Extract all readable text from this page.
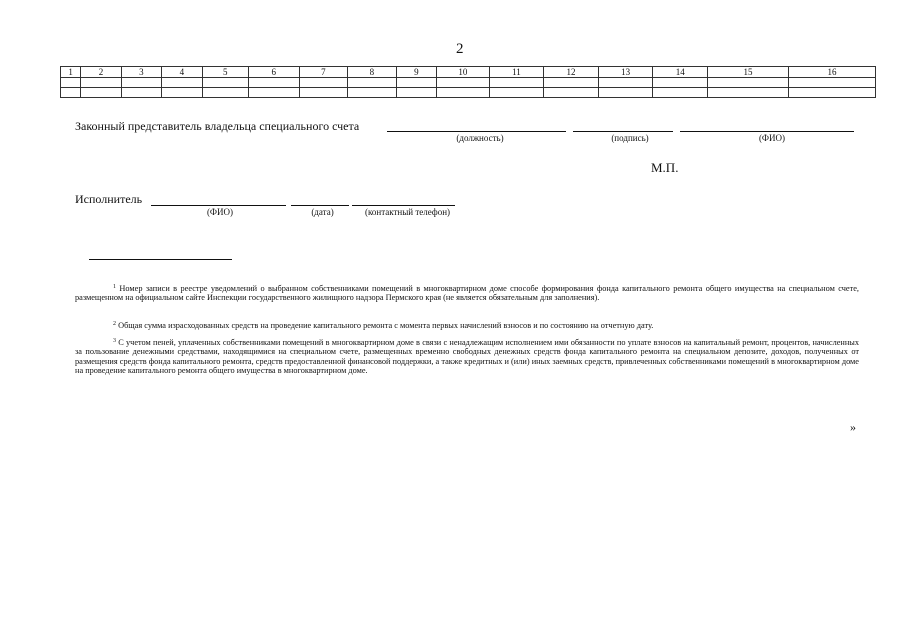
2
1	2	3	4	5	6	7	8	9	10	11	12	13	14	15	16

Законный представитель владельца специального счета
(должность)	(подпись)	(ФИО)
М.П.
Исполнитель
(ФИО)	(дата)	(контактный телефон)
$^1$ Номер записи в реестре уведомлений о выбранном собственниками помещений в многоквартирном доме способе формирования фонда капитального ремонта общего имущества на специальном счете, размещенном на официальном сайте Инспекции государственного жилищного надзора Пермского края (не является обязательным для заполнения).
$^2$ Общая сумма израсходованных средств на проведение капитального ремонта с момента первых начислений взносов и по состоянию на отчетную дату.
$^3$ С учетом пеней, уплаченных собственниками помещений в многоквартирном доме в связи с ненадлежащим исполнением ими обязанности по уплате взносов на капитальный ремонт, процентов, начисленных за пользование денежными средствами, находящимися на специальном счете, размещенных временно свободных денежных средств фонда капитального ремонта на специальном депозите, доходов, полученных от размещения средств фонда капитального ремонта, средств предоставленной финансовой поддержки, а также кредитных и (или) иных заемных средств, привлеченных собственниками помещений в многоквартирном доме на проведение капитального ремонта общего имущества в многоквартирном доме.
»
